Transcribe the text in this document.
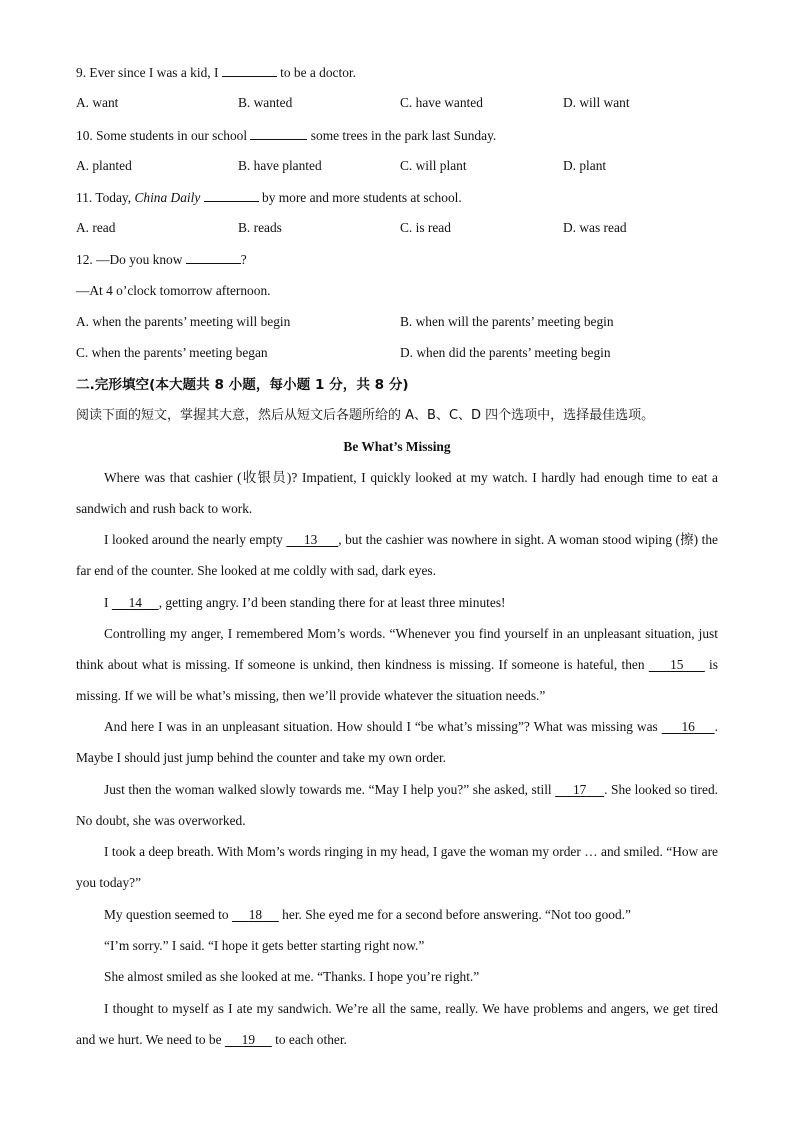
9. Ever since I was a kid, I	to be a doctor.
A. want	B. wanted	C. have wanted	D. will want
10. Some students in our school	some trees in the park last Sunday.
A. planted	B. have planted	C. will plant	D. plant
11. Today, China Daily	by more and more students at school.
A. read	B. reads	C. is read	D. was read
12. —Do you know	?
—At 4 o’clock tomorrow afternoon.
A. when the parents’ meeting will begin	B. when will the parents’ meeting begin
C. when the parents’ meeting began	D. when did the parents’ meeting begin
二.完形填空(本大题共 8 小题，每小题 1 分，共 8 分)
阅读下面的短文，掌握其大意，然后从短文后各题所给的 A、B、C、D 四个选项中，选择最佳选项。
Be What’s Missing
Where was that cashier (收银员)? Impatient, I quickly looked at my watch. I hardly had enough time to eat a sandwich and rush back to work.
I looked around the nearly empty      13 , but the cashier was nowhere in sight. A woman stood wiping (擦) the far end of the counter. She looked at me coldly with sad, dark eyes.
I      14 , getting angry. I’d been standing there for at least three minutes!
Controlling my anger, I remembered Mom’s words. “Whenever you find yourself in an unpleasant situation, just think about what is missing. If someone is unkind, then kindness is missing. If someone is hateful, then      15      is missing. If we will be what’s missing, then we’ll provide whatever the situation needs.”
And here I was in an unpleasant situation. How should I “be what’s missing”? What was missing was      16 . Maybe I should just jump behind the counter and take my own order.
Just then the woman walked slowly towards me. “May I help you?” she asked, still      17 . She looked so tired. No doubt, she was overworked.
I took a deep breath. With Mom’s words ringing in my head, I gave the woman my order … and smiled. “How are you today?”
My question seemed to      18      her. She eyed me for a second before answering. “Not too good.”
“I’m sorry.” I said. “I hope it gets better starting right now.”
She almost smiled as she looked at me. “Thanks. I hope you’re right.”
I thought to myself as I ate my sandwich. We’re all the same, really. We have problems and angers, we get tired and we hurt. We need to be      19      to each other.
